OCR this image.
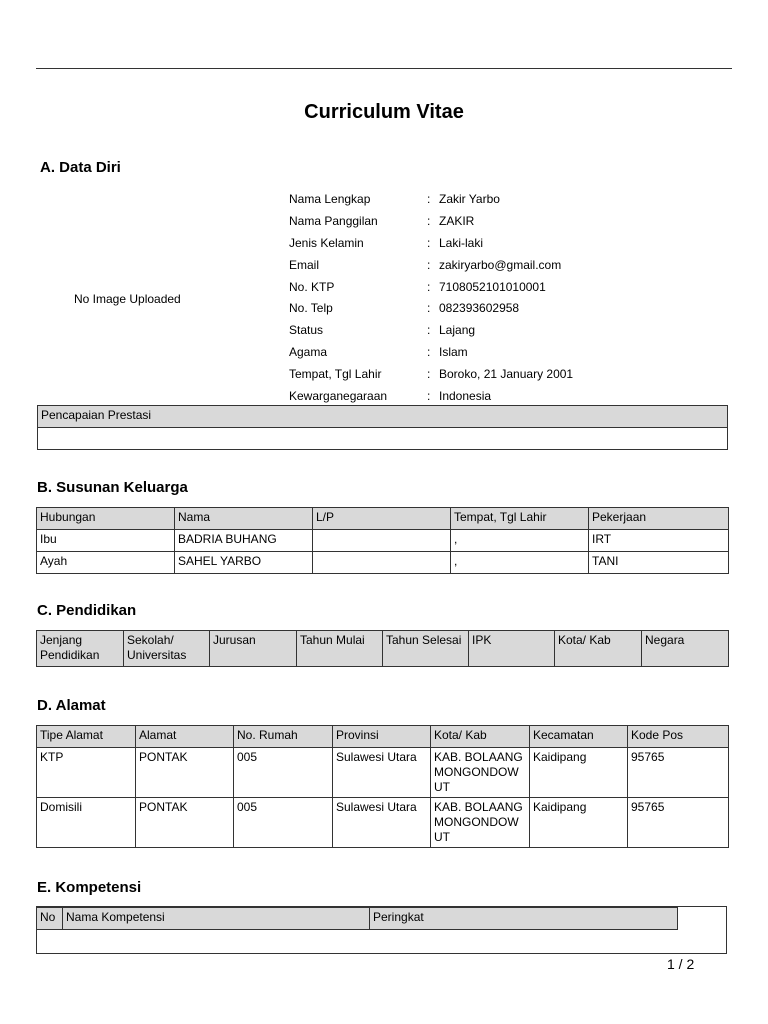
Curriculum Vitae
A. Data Diri
No Image Uploaded
Nama Lengkap	: Zakir Yarbo
Nama Panggilan	: ZAKIR
Jenis Kelamin	: Laki-laki
Email	: zakiryarbo@gmail.com
No. KTP	: 7108052101010001
No. Telp	: 082393602958
Status	: Lajang
Agama	: Islam
Tempat, Tgl Lahir	: Boroko, 21 January 2001
Kewarganegaraan	: Indonesia
Pencapaian Prestasi

B. Susunan Keluarga
Hubungan	Nama	L/P	Tempat, Tgl Lahir	Pekerjaan
Ibu	BADRIA BUHANG		,	IRT
Ayah	SAHEL YARBO		,	TANI
C. Pendidikan
Jenjang Pendidikan	Sekolah/ Universitas	Jurusan	Tahun Mulai	Tahun Selesai	IPK	Kota/ Kab	Negara
D. Alamat
Tipe Alamat	Alamat	No. Rumah	Provinsi	Kota/ Kab	Kecamatan	Kode Pos
KTP	PONTAK	005	Sulawesi Utara	KAB. BOLAANG MONGONDOW UT	Kaidipang	95765
Domisili	PONTAK	005	Sulawesi Utara	KAB. BOLAANG MONGONDOW UT	Kaidipang	95765
E. Kompetensi
No	Nama Kompetensi	Peringkat
1 / 2
